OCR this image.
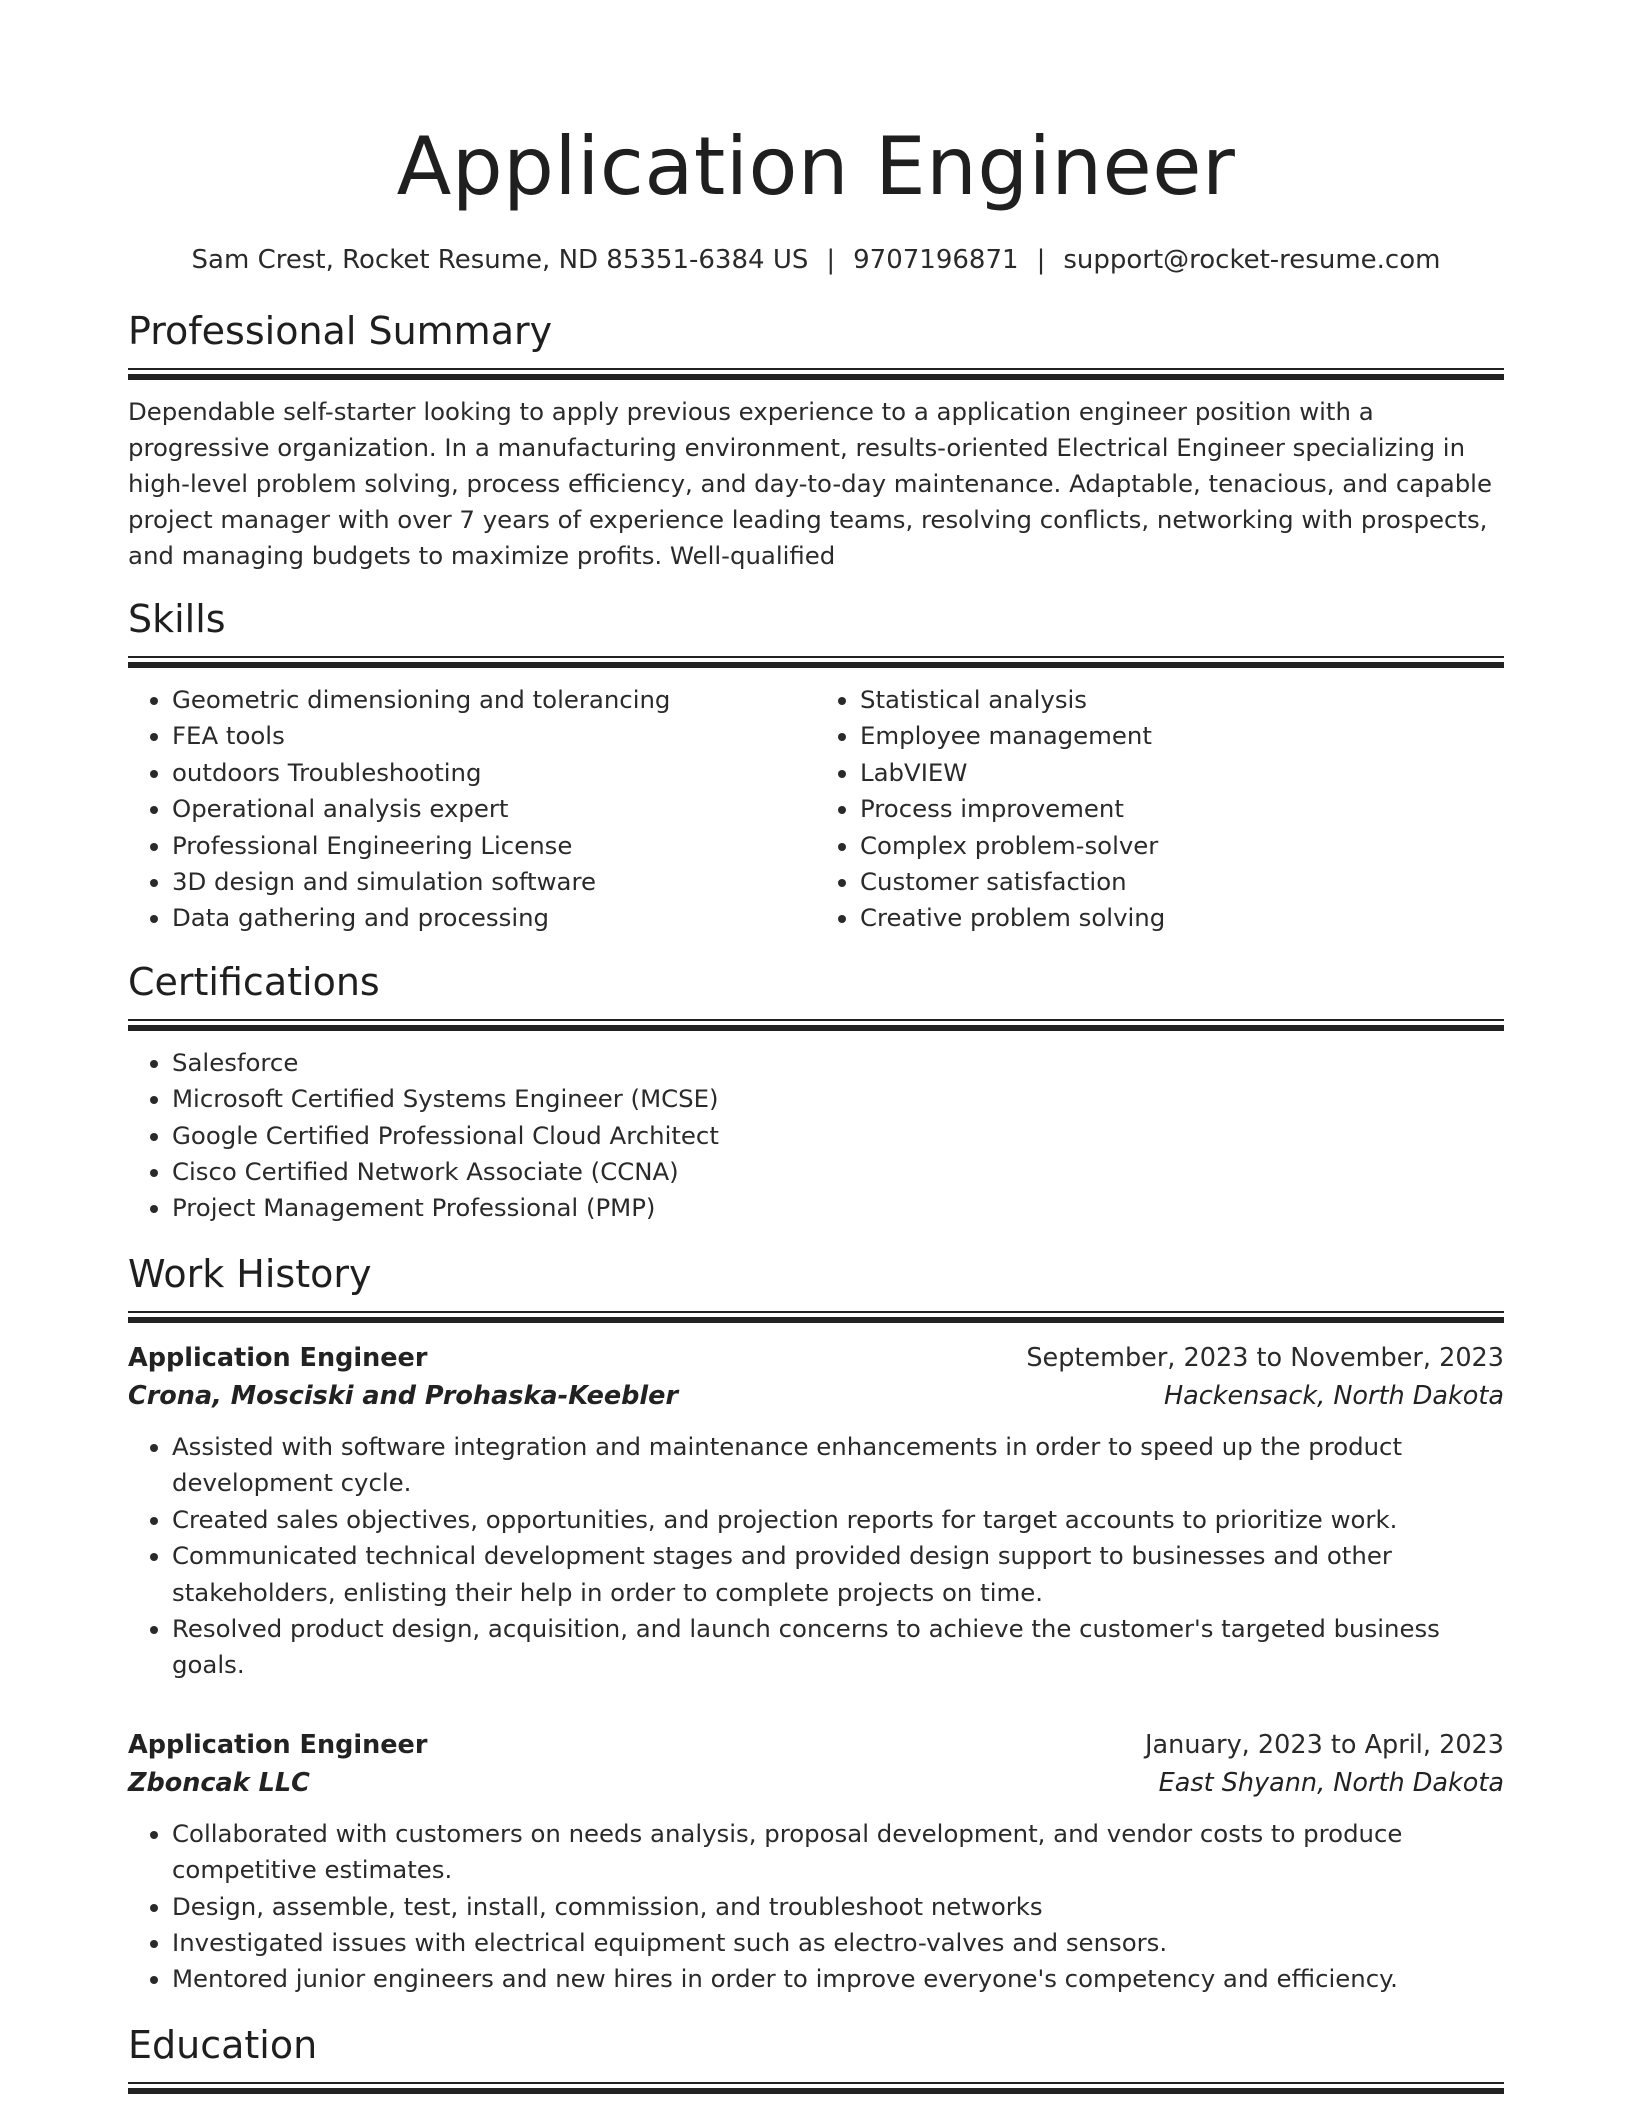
Application Engineer
Sam Crest, Rocket Resume, ND 85351-6384 US | 9707196871 | support@rocket-resume.com
Professional Summary
Dependable self-starter looking to apply previous experience to a application engineer position with a progressive organization. In a manufacturing environment, results-oriented Electrical Engineer specializing in high-level problem solving, process efficiency, and day-to-day maintenance. Adaptable, tenacious, and capable project manager with over 7 years of experience leading teams, resolving conflicts, networking with prospects, and managing budgets to maximize profits. Well-qualified
Skills
• Geometric dimensioning and tolerancing
• FEA tools
• outdoors Troubleshooting
• Operational analysis expert
• Professional Engineering License
• 3D design and simulation software
• Data gathering and processing
• Statistical analysis
• Employee management
• LabVIEW
• Process improvement
• Complex problem-solver
• Customer satisfaction
• Creative problem solving
Certifications
• Salesforce
• Microsoft Certified Systems Engineer (MCSE)
• Google Certified Professional Cloud Architect
• Cisco Certified Network Associate (CCNA)
• Project Management Professional (PMP)
Work History
Application Engineer	September, 2023 to November, 2023
Crona, Mosciski and Prohaska-Keebler	Hackensack, North Dakota
• Assisted with software integration and maintenance enhancements in order to speed up the product development cycle.
• Created sales objectives, opportunities, and projection reports for target accounts to prioritize work.
• Communicated technical development stages and provided design support to businesses and other stakeholders, enlisting their help in order to complete projects on time.
• Resolved product design, acquisition, and launch concerns to achieve the customer's targeted business goals.
Application Engineer	January, 2023 to April, 2023
Zboncak LLC	East Shyann, North Dakota
• Collaborated with customers on needs analysis, proposal development, and vendor costs to produce competitive estimates.
• Design, assemble, test, install, commission, and troubleshoot networks
• Investigated issues with electrical equipment such as electro-valves and sensors.
• Mentored junior engineers and new hires in order to improve everyone's competency and efficiency.
Education
